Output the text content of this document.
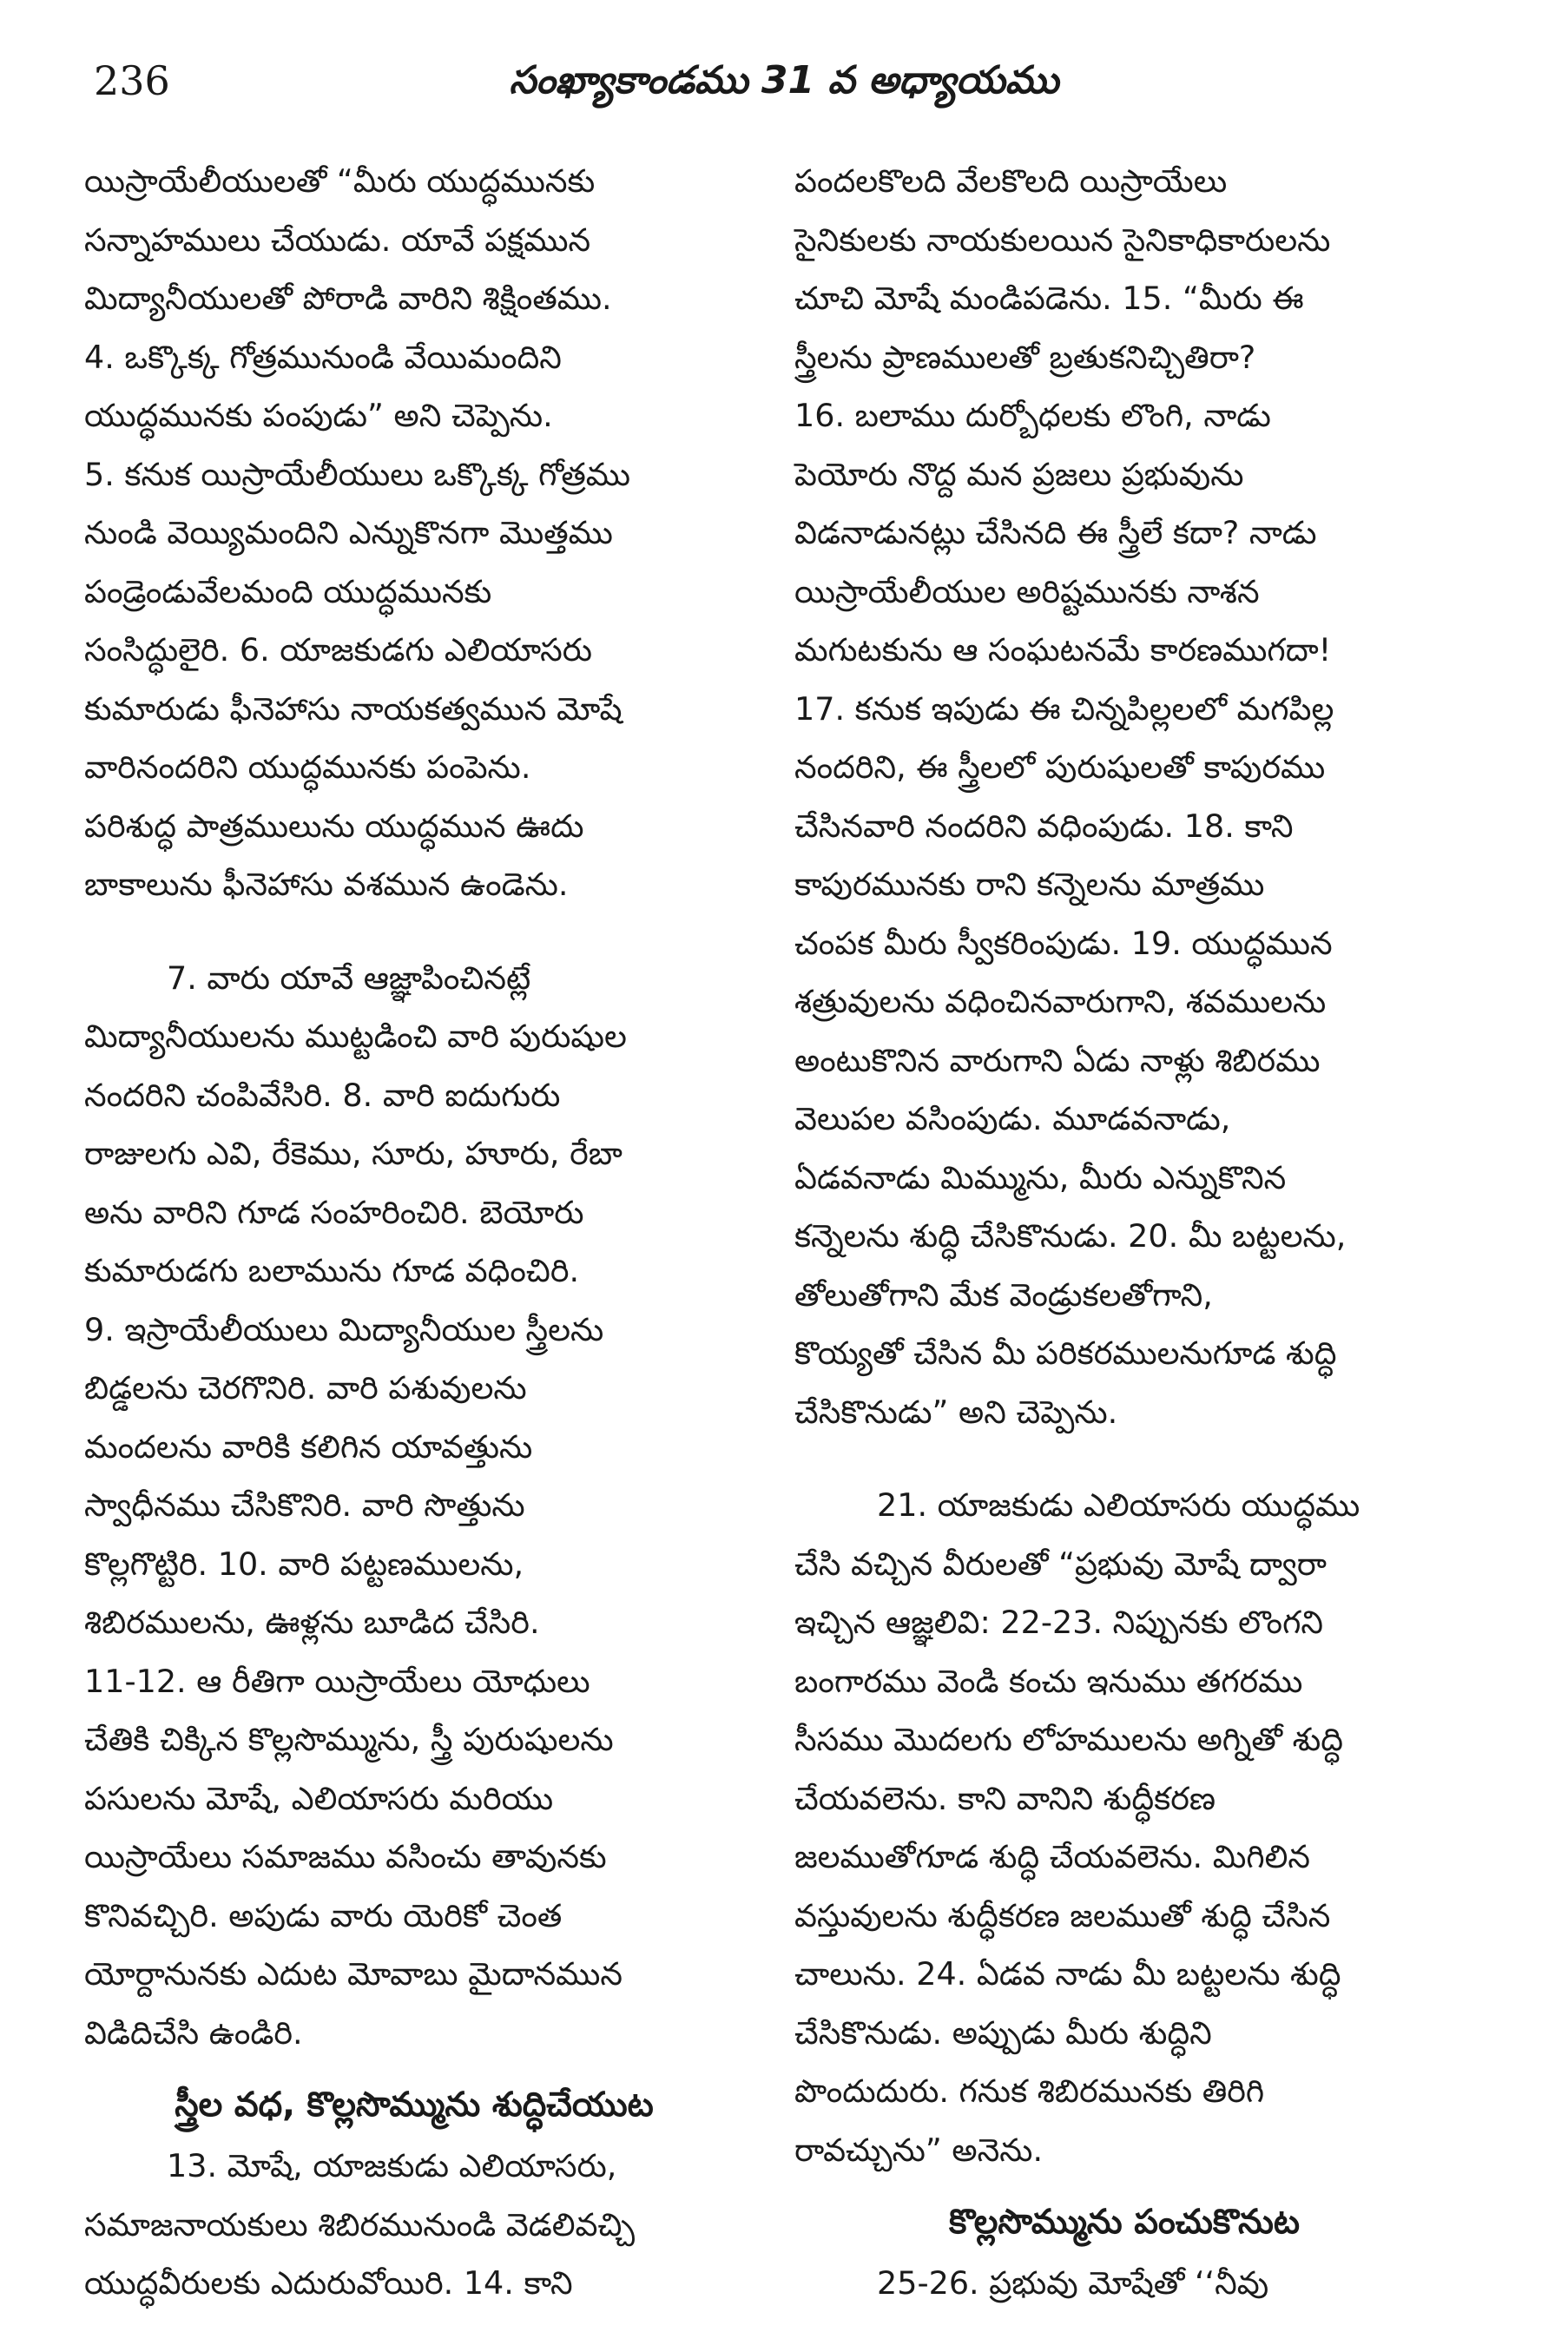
236	సంఖ్యాకాండము 31 వ అధ్యాయము

యిస్రాయేలీయులతో “మీరు యుద్ధమునకు
సన్నాహములు చేయుడు. యావే పక్షమున
మిద్యానీయులతో పోరాడి వారిని శిక్షింతము.
4. ఒక్కొక్క గోత్రమునుండి వేయిమందిని
యుద్ధమునకు పంపుడు” అని చెప్పెను.
5. కనుక యిస్రాయేలీయులు ఒక్కొక్క గోత్రము
నుండి వెయ్యిమందిని ఎన్నుకొనగా మొత్తము
పండ్రెండువేలమంది యుద్ధమునకు
సంసిద్ధులైరి. 6. యాజకుడగు ఎలియాసరు
కుమారుడు ఫీనెహాసు నాయకత్వమున మోషే
వారినందరిని యుద్ధమునకు పంపెను.
పరిశుద్ధ పాత్రములును యుద్ధమున ఊదు
బాకాలును ఫీనెహాసు వశమున ఉండెను.

7. వారు యావే ఆజ్ఞాపించినట్లే
మిద్యానీయులను ముట్టడించి వారి పురుషుల
నందరిని చంపివేసిరి. 8. వారి ఐదుగురు
రాజులగు ఎవి, రేకెము, సూరు, హూరు, రేబా
అను వారిని గూడ సంహరించిరి. బెయోరు
కుమారుడగు బలామును గూడ వధించిరి.
9. ఇస్రాయేలీయులు మిద్యానీయుల స్త్రీలను
బిడ్డలను చెరగొనిరి. వారి పశువులను
మందలను వారికి కలిగిన యావత్తును
స్వాధీనము చేసికొనిరి. వారి సొత్తును
కొల్లగొట్టిరి. 10. వారి పట్టణములను,
శిబిరములను, ఊళ్లను బూడిద చేసిరి.
11-12. ఆ రీతిగా యిస్రాయేలు యోధులు
చేతికి చిక్కిన కొల్లసొమ్మును, స్త్రీ పురుషులను
పసులను మోషే, ఎలియాసరు మరియు
యిస్రాయేలు సమాజము వసించు తావునకు
కొనివచ్చిరి. అపుడు వారు యెరికో చెంత
యోర్దానునకు ఎదుట మోవాబు మైదానమున
విడిదిచేసి ఉండిరి.

స్త్రీల వధ, కొల్లసొమ్మును శుద్ధిచేయుట

13. మోషే, యాజకుడు ఎలియాసరు,
సమాజనాయకులు శిబిరమునుండి వెడలివచ్చి
యుద్ధవీరులకు ఎదురువోయిరి. 14. కాని

పందలకొలది వేలకొలది యిస్రాయేలు
సైనికులకు నాయకులయిన సైనికాధికారులను
చూచి మోషే మండిపడెను. 15. “మీరు ఈ
స్త్రీలను ప్రాణములతో బ్రతుకనిచ్చితిరా?
16. బలాము దుర్బోధలకు లొంగి, నాడు
పెయోరు నొద్ద మన ప్రజలు ప్రభువును
విడనాడునట్లు చేసినది ఈ స్త్రీలే కదా? నాడు
యిస్రాయేలీయుల అరిష్టమునకు నాశన
మగుటకును ఆ సంఘటనమే కారణముగదా!
17. కనుక ఇపుడు ఈ చిన్నపిల్లలలో మగపిల్ల
నందరిని, ఈ స్త్రీలలో పురుషులతో కాపురము
చేసినవారి నందరిని వధింపుడు. 18. కాని
కాపురమునకు రాని కన్నెలను మాత్రము
చంపక మీరు స్వీకరింపుడు. 19. యుద్ధమున
శత్రువులను వధించినవారుగాని, శవములను
అంటుకొనిన వారుగాని ఏడు నాళ్లు శిబిరము
వెలుపల వసింపుడు. మూడవనాడు,
ఏడవనాడు మిమ్మును, మీరు ఎన్నుకొనిన
కన్నెలను శుద్ధి చేసికొనుడు. 20. మీ బట్టలను,
తోలుతోగాని మేక వెండ్రుకలతోగాని,
కొయ్యతో చేసిన మీ పరికరములనుగూడ శుద్ధి
చేసికొనుడు” అని చెప్పెను.

21. యాజకుడు ఎలియాసరు యుద్ధము
చేసి వచ్చిన వీరులతో “ప్రభువు మోషే ద్వారా
ఇచ్చిన ఆజ్ఞలివి: 22-23. నిప్పునకు లొంగని
బంగారము వెండి కంచు ఇనుము తగరము
సీసము మొదలగు లోహములను అగ్నితో శుద్ధి
చేయవలెను. కాని వానిని శుద్ధీకరణ
జలముతోగూడ శుద్ధి చేయవలెను. మిగిలిన
వస్తువులను శుద్ధీకరణ జలముతో శుద్ధి చేసిన
చాలును. 24. ఏడవ నాడు మీ బట్టలను శుద్ధి
చేసికొనుడు. అప్పుడు మీరు శుద్ధిని
పొందుదురు. గనుక శిబిరమునకు తిరిగి
రావచ్చును” అనెను.

కొల్లసొమ్మును పంచుకొనుట

25-26. ప్రభువు మోషేతో ‘‘నీవు
